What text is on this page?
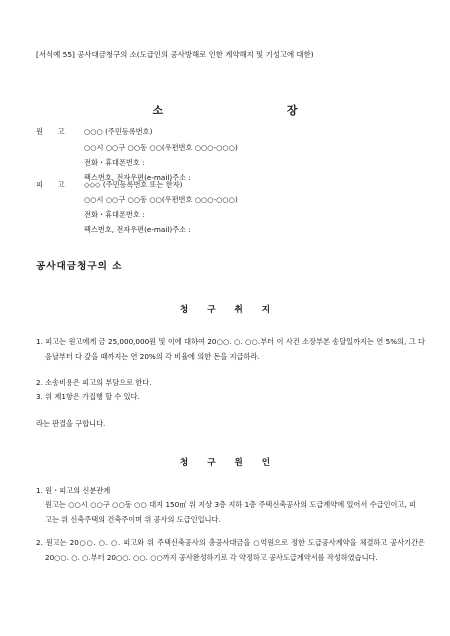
[서식예 55] 공사대금청구의 소(도급인의 공사방해로 인한 계약해지 및 기성고에 대한)
소 장
원 고 ○○○ (주민등록번호)
○○시 ○○구 ○○동 ○○(우편번호 ○○○-○○○)
전화・휴대폰번호 :
팩스번호, 전자우편(e-mail)주소 :
피 고 ◇◇◇ (주민등록번호 또는 한자)
○○시 ○○구 ○○동 ○○(우편번호 ○○○-○○○)
전화・휴대폰번호 :
팩스번호, 전자우편(e-mail)주소 :
공사대금청구의 소
청 구 취 지
1. 피고는 원고에게 금 25,000,000원 및 이에 대하여 20○○. ○. ○○.부터 이 사건 소장부본 송달일까지는 연 5%의, 그 다음날부터 다 갚을 때까지는 연 20%의 각 비율에 의한 돈을 지급하라.
2. 소송비용은 피고의 부담으로 한다.
3. 위 제1항은 가집행 할 수 있다.
라는 판결을 구합니다.
청 구 원 인
1. 원・피고의 신분관계
원고는 ○○시 ○○구 ○○동 ○○ 대지 150㎡ 위 지상 3층 지하 1층 주택신축공사의 도급계약에 있어서 수급인이고, 피고는 위 신축주택의 건축주이며 위 공사의 도급인입니다.
2. 원고는 20○○. ○. ○. 피고와 위 주택신축공사의 총공사대금을 ○억원으로 정한 도급공사계약을 체결하고 공사기간은 20○○. ○. ○.부터 20○○. ○○. ○○까지 공사완성하기로 각 약정하고 공사도급계약서를 작성하였습니다.
